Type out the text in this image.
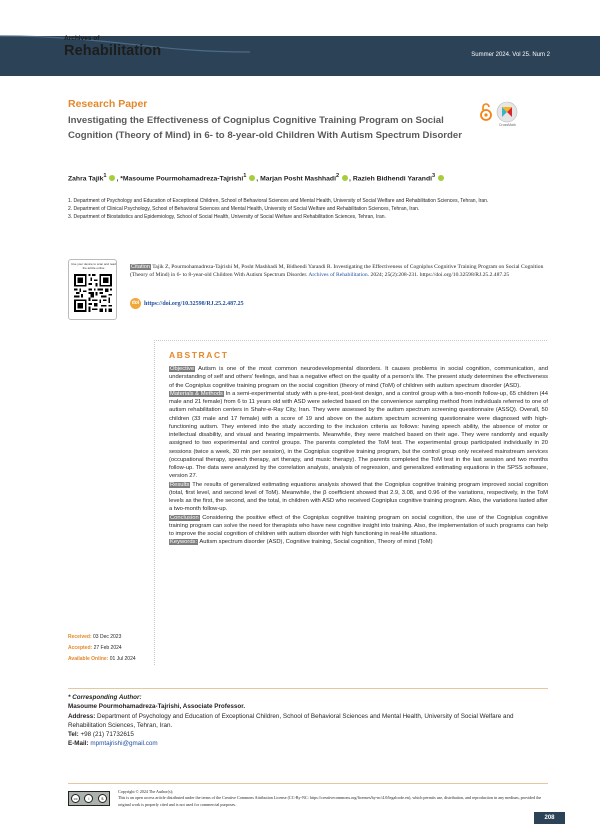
Archives of
Rehabilitation	Summer 2024. Vol 25. Num 2
Research Paper
Investigating the Effectiveness of Cogniplus Cognitive Training Program on Social Cognition (Theory of Mind) in 6- to 8-year-old Children With Autism Spectrum Disorder
CrossMark
Zahra Tajik$^1$ , *Masoume Pourmohamadreza-Tajrishi$^1$ , Marjan Posht Mashhadi$^2$ , Razieh Bidhendi Yarandi$^3$
1. Department of Psychology and Education of Exceptional Children, School of Behavioral Sciences and Mental Health, University of Social Welfare and Rehabilitation Sciences, Tehran, Iran.
2. Department of Clinical Psychology, School of Behavioral Sciences and Mental Health, University of Social Welfare and Rehabilitation Sciences, Tehran, Iran.
3. Department of Biostatistics and Epidemiology, School of Social Health, University of Social Welfare and Rehabilitation Sciences, Tehran, Iran.
Use your device to scan and read the article online	Citation Tajik Z, Pourmohamadreza-Tajrishi M, Posht Mashhadi M, Bidhendi Yarandi R. Investigating the Effectiveness of Cogniplus Cognitive Training Program on Social Cognition (Theory of Mind) in 6- to 8-year-old Children With Autism Spectrum Disorder. Archives of Rehabilitation. 2024; 25(2):208-231. https://doi.org/10.32598/RJ.25.2.487.25
doi https://doi.org/10.32598/RJ.25.2.487.25
ABSTRACT

Objective Autism is one of the most common neurodevelopmental disorders. It causes problems in social cognition, communication, and understanding of self and others' feelings, and has a negative effect on the quality of a person's life. The present study determines the effectiveness of the Cogniplus cognitive training program on the social cognition (theory of mind (ToM) of children with autism spectrum disorder (ASD).

Materials & Methods In a semi-experimental study with a pre-test, post-test design, and a control group with a two-month follow-up, 65 children (44 male and 21 female) from 6 to 11 years old with ASD were selected based on the convenience sampling method from individuals referred to one of autism rehabilitation centers in Shahr-e-Ray City, Iran. They were assessed by the autism spectrum screening questionnaire (ASSQ). Overall, 50 children (33 male and 17 female) with a score of 19 and above on the autism spectrum screening questionnaire were diagnosed with high-functioning autism. They entered into the study according to the inclusion criteria as follows: having speech ability, the absence of motor or intellectual disability, and visual and hearing impairments. Meanwhile, they were matched based on their age. They were randomly and equally assigned to two experimental and control groups. The parents completed the ToM test. The experimental group participated individually in 20 sessions (twice a week, 30 min per session), in the Cogniplus cognitive training program, but the control group only received mainstream services (occupational therapy, speech therapy, art therapy, and music therapy). The parents completed the ToM test in the last session and two months follow-up. The data were analyzed by the correlation analysis, analysis of regression, and generalized estimating equations in the SPSS software, version 27.

Results The results of generalized estimating equations analysis showed that the Cogniplus cognitive training program improved social cognition (total, first level, and second level of ToM). Meanwhile, the β coefficient showed that 2.9, 3.08, and 0.96 of the variations, respectively, in the ToM levels as the first, the second, and the total, in children with ASD who received Cogniplus cognitive training program. Also, the variations lasted after a two-month follow-up.

Conclusion Considering the positive effect of the Cogniplus cognitive training program on social cognition, the use of the Cogniplus cognitive training program can solve the need for therapists who have new cognitive insight into training. Also, the implementation of such programs can help to improve the social cognition of children with autism disorder with high functioning in real-life situations.

Keywords: Autism spectrum disorder (ASD), Cognitive training, Social cognition, Theory of mind (ToM)

Received: 03 Dec 2023
Accepted: 27 Feb 2024
Available Online: 01 Jul 2024
* Corresponding Author:
Masoume Pourmohamadreza-Tajrishi, Associate Professor.
Address: Department of Psychology and Education of Exceptional Children, School of Behavioral Sciences and Mental Health, University of Social Welfare and Rehabilitation Sciences, Tehran, Iran.
Tel: +98 (21) 71732615
E-Mail: mpmtajrishi@gmail.com
cc	i	$
Copyright © 2024 The Author(s);
This is an open access article distributed under the terms of the Creative Commons Attribution License (CC-By-NC: https://creativecommons.org/licenses/by-nc/4.0/legalcode.en), which permits use, distribution, and reproduction in any medium, provided the original work is properly cited and is not used for commercial purposes.
208
